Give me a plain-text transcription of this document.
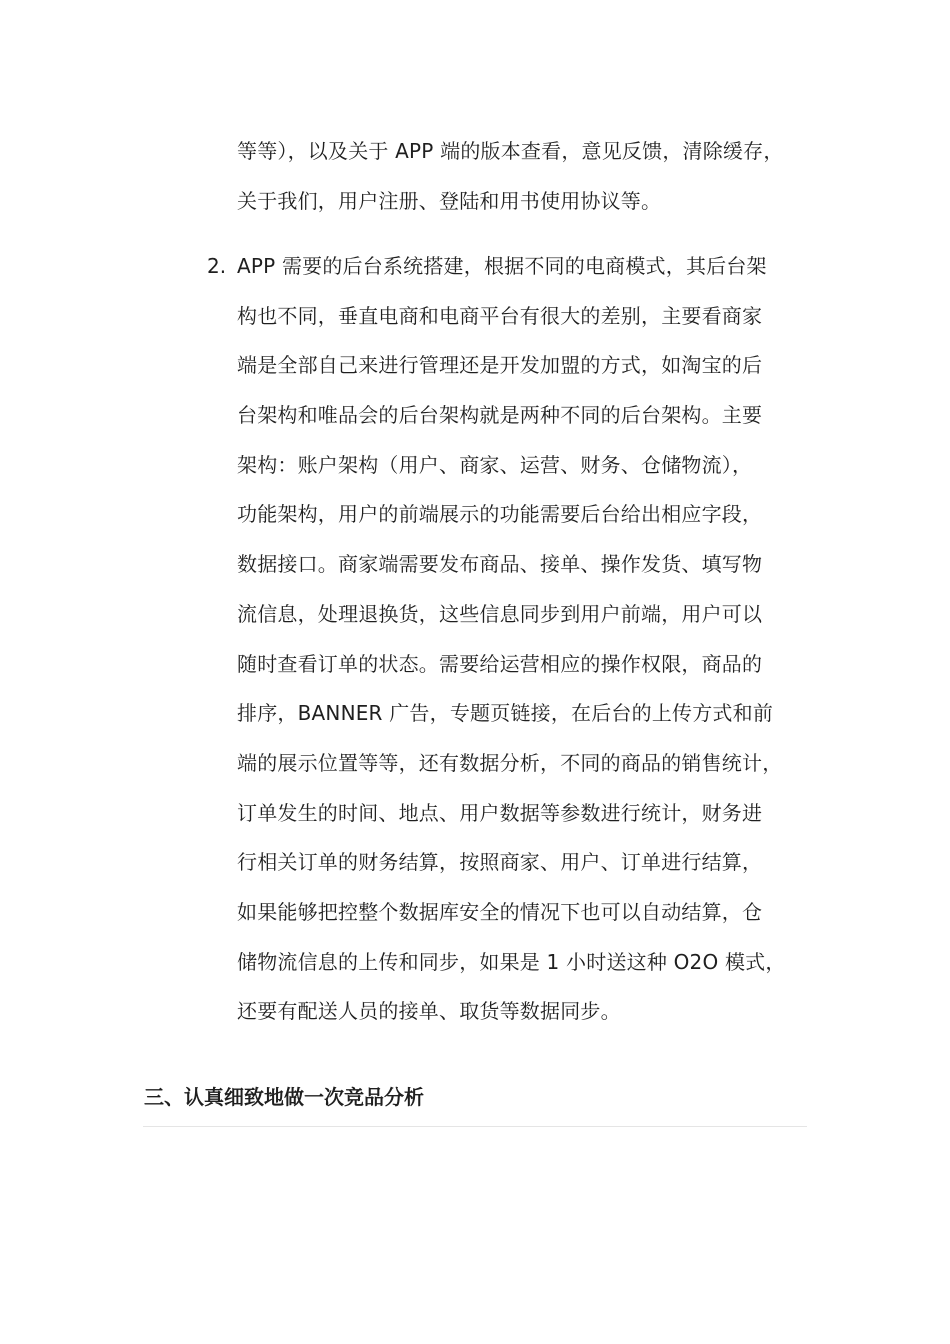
等等），以及关于 APP 端的版本查看，意见反馈，清除缓存，
关于我们，用户注册、登陆和用书使用协议等。
2. APP 需要的后台系统搭建，根据不同的电商模式，其后台架
构也不同，垂直电商和电商平台有很大的差别，主要看商家
端是全部自己来进行管理还是开发加盟的方式，如淘宝的后
台架构和唯品会的后台架构就是两种不同的后台架构。主要
架构：账户架构（用户、商家、运营、财务、仓储物流），
功能架构，用户的前端展示的功能需要后台给出相应字段，
数据接口。商家端需要发布商品、接单、操作发货、填写物
流信息，处理退换货，这些信息同步到用户前端，用户可以
随时查看订单的状态。需要给运营相应的操作权限，商品的
排序，BANNER 广告，专题页链接，在后台的上传方式和前
端的展示位置等等，还有数据分析，不同的商品的销售统计，
订单发生的时间、地点、用户数据等参数进行统计，财务进
行相关订单的财务结算，按照商家、用户、订单进行结算，
如果能够把控整个数据库安全的情况下也可以自动结算，仓
储物流信息的上传和同步，如果是 1 小时送这种 O2O 模式，
还要有配送人员的接单、取货等数据同步。
三、认真细致地做一次竞品分析
